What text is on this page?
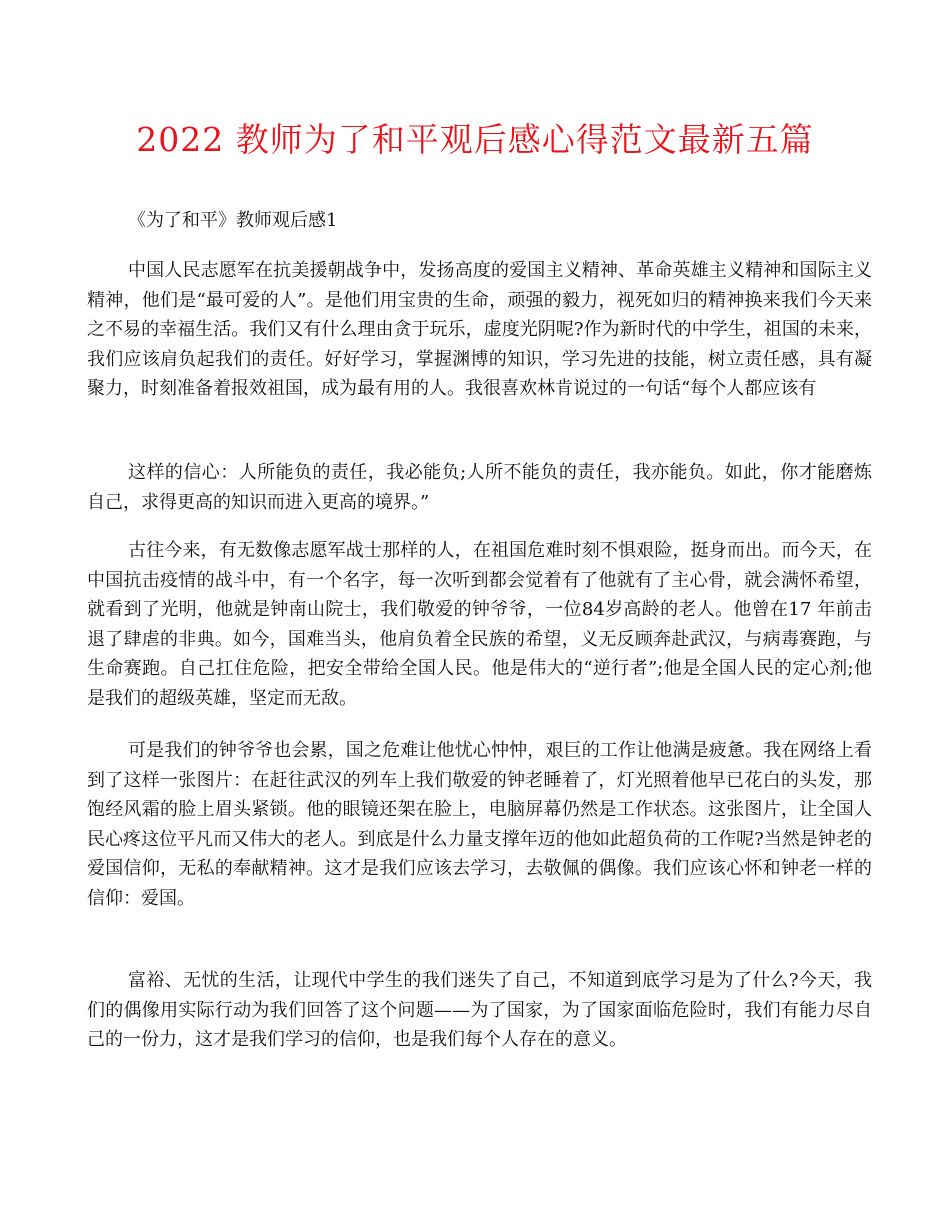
2022 教师为了和平观后感心得范文最新五篇

《为了和平》教师观后感1

中国人民志愿军在抗美援朝战争中，发扬高度的爱国主义精神、革命英雄主义精神和国际主义精神，他们是“最可爱的人”。是他们用宝贵的生命，顽强的毅力，视死如归的精神换来我们今天来之不易的幸福生活。我们又有什么理由贪于玩乐，虚度光阴呢?作为新时代的中学生，祖国的未来，我们应该肩负起我们的责任。好好学习，掌握渊博的知识，学习先进的技能，树立责任感，具有凝聚力，时刻准备着报效祖国，成为最有用的人。我很喜欢林肯说过的一句话“每个人都应该有

这样的信心：人所能负的责任，我必能负;人所不能负的责任，我亦能负。如此，你才能磨炼自己，求得更高的知识而进入更高的境界。”

古往今来，有无数像志愿军战士那样的人，在祖国危难时刻不惧艰险，挺身而出。而今天，在中国抗击疫情的战斗中，有一个名字，每一次听到都会觉着有了他就有了主心骨，就会满怀希望，就看到了光明，他就是钟南山院士，我们敬爱的钟爷爷，一位84岁高龄的老人。他曾在17 年前击退了肆虐的非典。如今，国难当头，他肩负着全民族的希望，义无反顾奔赴武汉，与病毒赛跑，与生命赛跑。自己扛住危险，把安全带给全国人民。他是伟大的“逆行者”;他是全国人民的定心剂;他是我们的超级英雄，坚定而无敌。

可是我们的钟爷爷也会累，国之危难让他忧心忡忡，艰巨的工作让他满是疲惫。我在网络上看到了这样一张图片：在赶往武汉的列车上我们敬爱的钟老睡着了，灯光照着他早已花白的头发，那饱经风霜的脸上眉头紧锁。他的眼镜还架在脸上，电脑屏幕仍然是工作状态。这张图片，让全国人民心疼这位平凡而又伟大的老人。到底是什么力量支撑年迈的他如此超负荷的工作呢?当然是钟老的爱国信仰，无私的奉献精神。这才是我们应该去学习，去敬佩的偶像。我们应该心怀和钟老一样的信仰：爱国。

富裕、无忧的生活，让现代中学生的我们迷失了自己，不知道到底学习是为了什么?今天，我们的偶像用实际行动为我们回答了这个问题——为了国家，为了国家面临危险时，我们有能力尽自己的一份力，这才是我们学习的信仰，也是我们每个人存在的意义。
